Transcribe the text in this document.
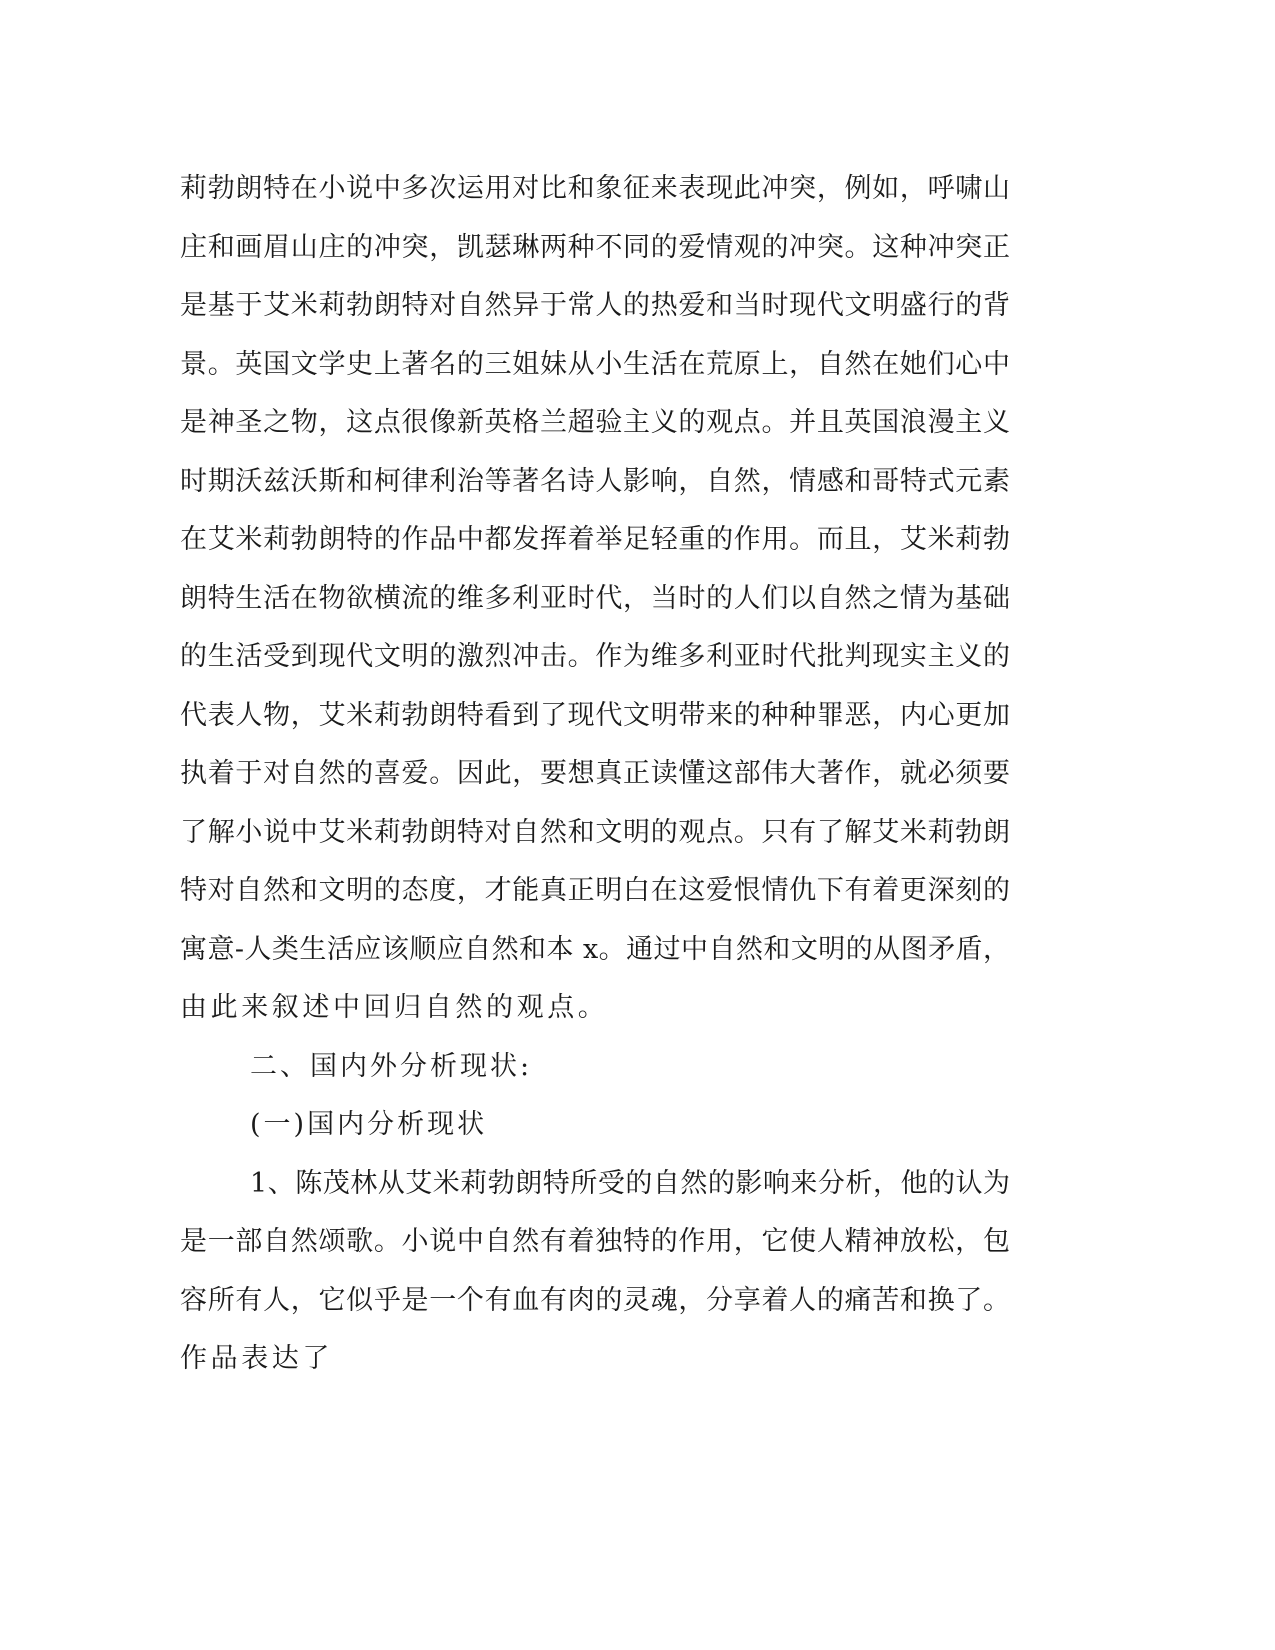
莉勃朗特在小说中多次运用对比和象征来表现此冲突，例如，呼啸山
庄和画眉山庄的冲突，凯瑟琳两种不同的爱情观的冲突。这种冲突正
是基于艾米莉勃朗特对自然异于常人的热爱和当时现代文明盛行的背
景。英国文学史上著名的三姐妹从小生活在荒原上，自然在她们心中
是神圣之物，这点很像新英格兰超验主义的观点。并且英国浪漫主义
时期沃兹沃斯和柯律利治等著名诗人影响，自然，情感和哥特式元素
在艾米莉勃朗特的作品中都发挥着举足轻重的作用。而且，艾米莉勃
朗特生活在物欲横流的维多利亚时代，当时的人们以自然之情为基础
的生活受到现代文明的激烈冲击。作为维多利亚时代批判现实主义的
代表人物，艾米莉勃朗特看到了现代文明带来的种种罪恶，内心更加
执着于对自然的喜爱。因此，要想真正读懂这部伟大著作，就必须要
了解小说中艾米莉勃朗特对自然和文明的观点。只有了解艾米莉勃朗
特对自然和文明的态度，才能真正明白在这爱恨情仇下有着更深刻的
寓意-人类生活应该顺应自然和本 x。通过中自然和文明的从图矛盾，
由此来叙述中回归自然的观点。
二、国内外分析现状:
(一)国内分析现状
1、陈茂林从艾米莉勃朗特所受的自然的影响来分析，他的认为
是一部自然颂歌。小说中自然有着独特的作用，它使人精神放松，包
容所有人，它似乎是一个有血有肉的灵魂，分享着人的痛苦和换了。
作品表达了
